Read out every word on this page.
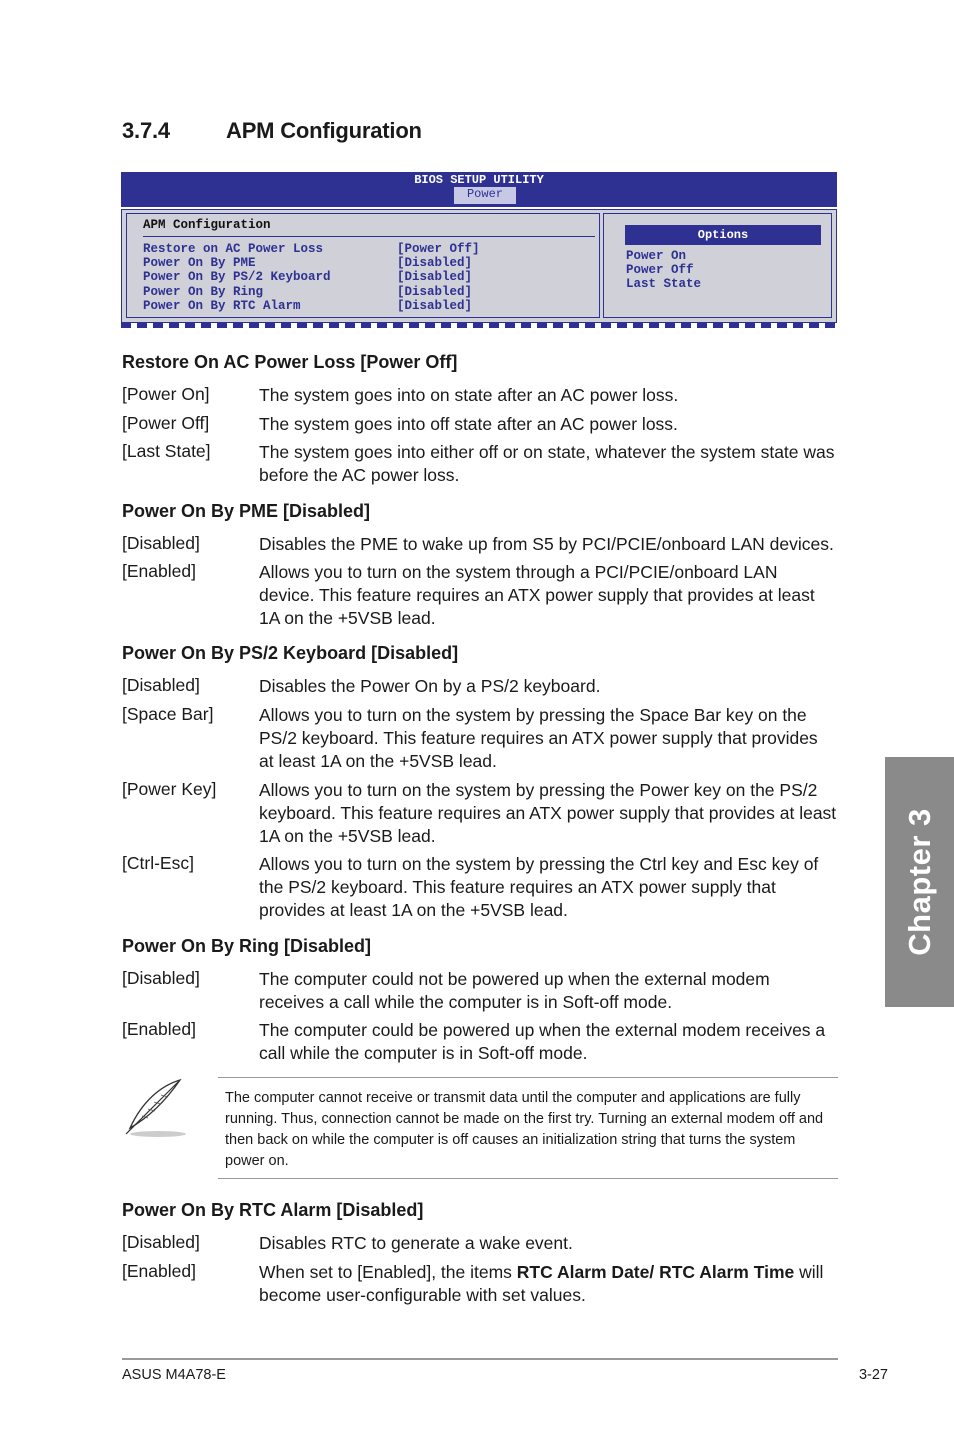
3.7.4	APM Configuration
BIOS SETUP UTILITY
Power
APM Configuration
Restore on AC Power Loss	[Power Off]
Power On By PME	[Disabled]
Power On By PS/2 Keyboard	[Disabled]
Power On By Ring	[Disabled]
Power On By RTC Alarm	[Disabled]
Options
Power On
Power Off
Last State
Restore On AC Power Loss [Power Off]
[Power On]	The system goes into on state after an AC power loss.
[Power Off]	The system goes into off state after an AC power loss.
[Last State]	The system goes into either off or on state, whatever the system state was before the AC power loss.
Power On By PME [Disabled]
[Disabled]	Disables the PME to wake up from S5 by PCI/PCIE/onboard LAN devices.
[Enabled]	Allows you to turn on the system through a PCI/PCIE/onboard LAN device. This feature requires an ATX power supply that provides at least 1A on the +5VSB lead.
Power On By PS/2 Keyboard [Disabled]
[Disabled]	Disables the Power On by a PS/2 keyboard.
[Space Bar]	Allows you to turn on the system by pressing the Space Bar key on the PS/2 keyboard. This feature requires an ATX power supply that provides at least 1A on the +5VSB lead.
[Power Key] Allows you to turn on the system by pressing the Power key on the PS/2 keyboard. This feature requires an ATX power supply that provides at least 1A on the +5VSB lead.
[Ctrl-Esc]	Allows you to turn on the system by pressing the Ctrl key and Esc key of the PS/2 keyboard. This feature requires an ATX power supply that provides at least 1A on the +5VSB lead.
Power On By Ring [Disabled]
[Disabled]	The computer could not be powered up when the external modem receives a call while the computer is in Soft-off mode.
[Enabled]	The computer could be powered up when the external modem receives a call while the computer is in Soft-off mode.
The computer cannot receive or transmit data until the computer and applications are fully running. Thus, connection cannot be made on the first try. Turning an external modem off and then back on while the computer is off causes an initialization string that turns the system power on.
Power On By RTC Alarm [Disabled]
[Disabled]	Disables RTC to generate a wake event.
[Enabled]	When set to [Enabled], the items RTC Alarm Date/ RTC Alarm Time will become user-configurable with set values.
ASUS M4A78-E	3-27
Chapter 3
